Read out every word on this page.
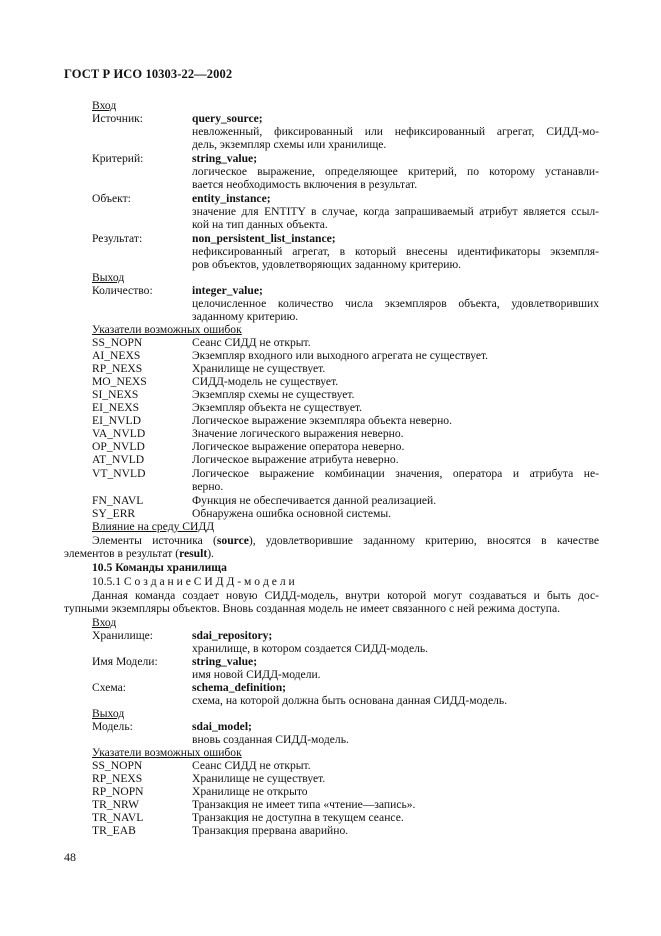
ГОСТ Р ИСО 10303-22—2002
Вход
Источник:	query_source;
невложенный, фиксированный или нефиксированный агрегат, СИДД-мо-
дель, экземпляр схемы или хранилище.
Критерий:	string_value;
логическое выражение, определяющее критерий, по которому устанавли-
вается необходимость включения в результат.
Объект:	entity_instance;
значение для ENTITY в случае, когда запрашиваемый атрибут является ссыл-
кой на тип данных объекта.
Результат:	non_persistent_list_instance;
нефиксированный агрегат, в который внесены идентификаторы экземпля-
ров объектов, удовлетворяющих заданному критерию.
Выход
Количество:	integer_value;
целочисленное количество числа экземпляров объекта, удовлетворивших
заданному критерию.
Указатели возможных ошибок
SS_NOPN	Сеанс СИДД не открыт.
AI_NEXS	Экземпляр входного или выходного агрегата не существует.
RP_NEXS	Хранилище не существует.
MO_NEXS	СИДД-модель не существует.
SI_NEXS	Экземпляр схемы не существует.
EI_NEXS	Экземпляр объекта не существует.
EI_NVLD	Логическое выражение экземпляра объекта неверно.
VA_NVLD	Значение логического выражения неверно.
OP_NVLD	Логическое выражение оператора неверно.
AT_NVLD	Логическое выражение атрибута неверно.
VT_NVLD	Логическое выражение комбинации значения, оператора и атрибута не-
верно.
FN_NAVL	Функция не обеспечивается данной реализацией.
SY_ERR	Обнаружена ошибка основной системы.
Влияние на среду СИДД
Элементы источника (source), удовлетворившие заданному критерию, вносятся в качестве
элементов в результат (result).
10.5 Команды хранилища
10.5.1 С о з д а н и е С И Д Д - м о д е л и
Данная команда создает новую СИДД-модель, внутри которой могут создаваться и быть дос-
тупными экземпляры объектов. Вновь созданная модель не имеет связанного с ней режима доступа.
Вход
Хранилище:	sdai_repository;
хранилище, в котором создается СИДД-модель.
Имя Модели:	string_value;
имя новой СИДД-модели.
Схема:	schema_definition;
схема, на которой должна быть основана данная СИДД-модель.
Выход
Модель:	sdai_model;
вновь созданная СИДД-модель.
Указатели возможных ошибок
SS_NOPN	Сеанс СИДД не открыт.
RP_NEXS	Хранилище не существует.
RP_NOPN	Хранилище не открыто
TR_NRW	Транзакция не имеет типа «чтение—запись».
TR_NAVL	Транзакция не доступна в текущем сеансе.
TR_EAB	Транзакция прервана аварийно.
48
